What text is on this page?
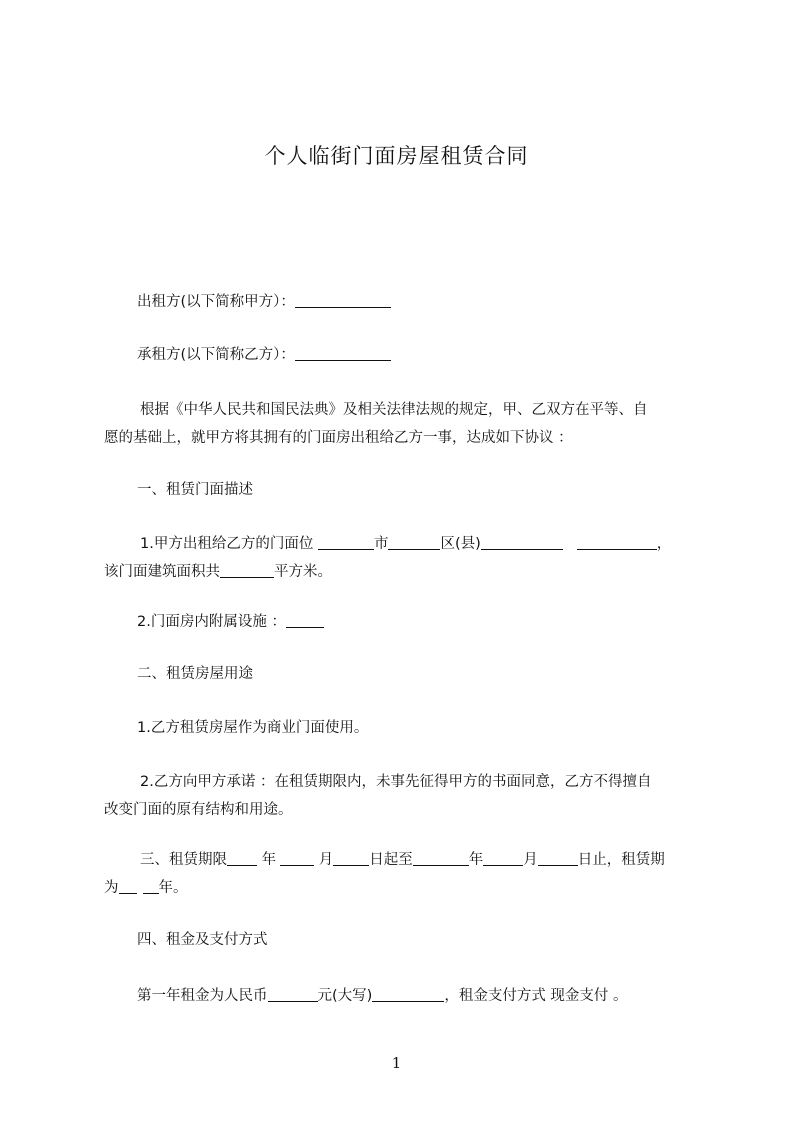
个人临街门面房屋租赁合同
出租方(以下简称甲方）：
承租方(以下简称乙方）：
根据《中华人民共和国民法典》及相关法律法规的规定，甲、乙双方在平等、自
愿的基础上，就甲方将其拥有的门面房出租给乙方一事，达成如下协议 ：
一、租赁门面描述
1.甲方出租给乙方的门面位	市	区(县)	，
该门面建筑面积共	平方米。
2.门面房内附属设施 ：
二、租赁房屋用途
1.乙方租赁房屋作为商业门面使用。
2.乙方向甲方承诺 ：在租赁期限内，未事先征得甲方的书面同意，乙方不得擅自
改变门面的原有结构和用途。
三、租赁期限 年	月 日起至	年	月	日止，租赁期
为	年。
四、租金及支付方式
第一年租金为人民币	元(大写)	，租金支付方式 现金支付 。
1
